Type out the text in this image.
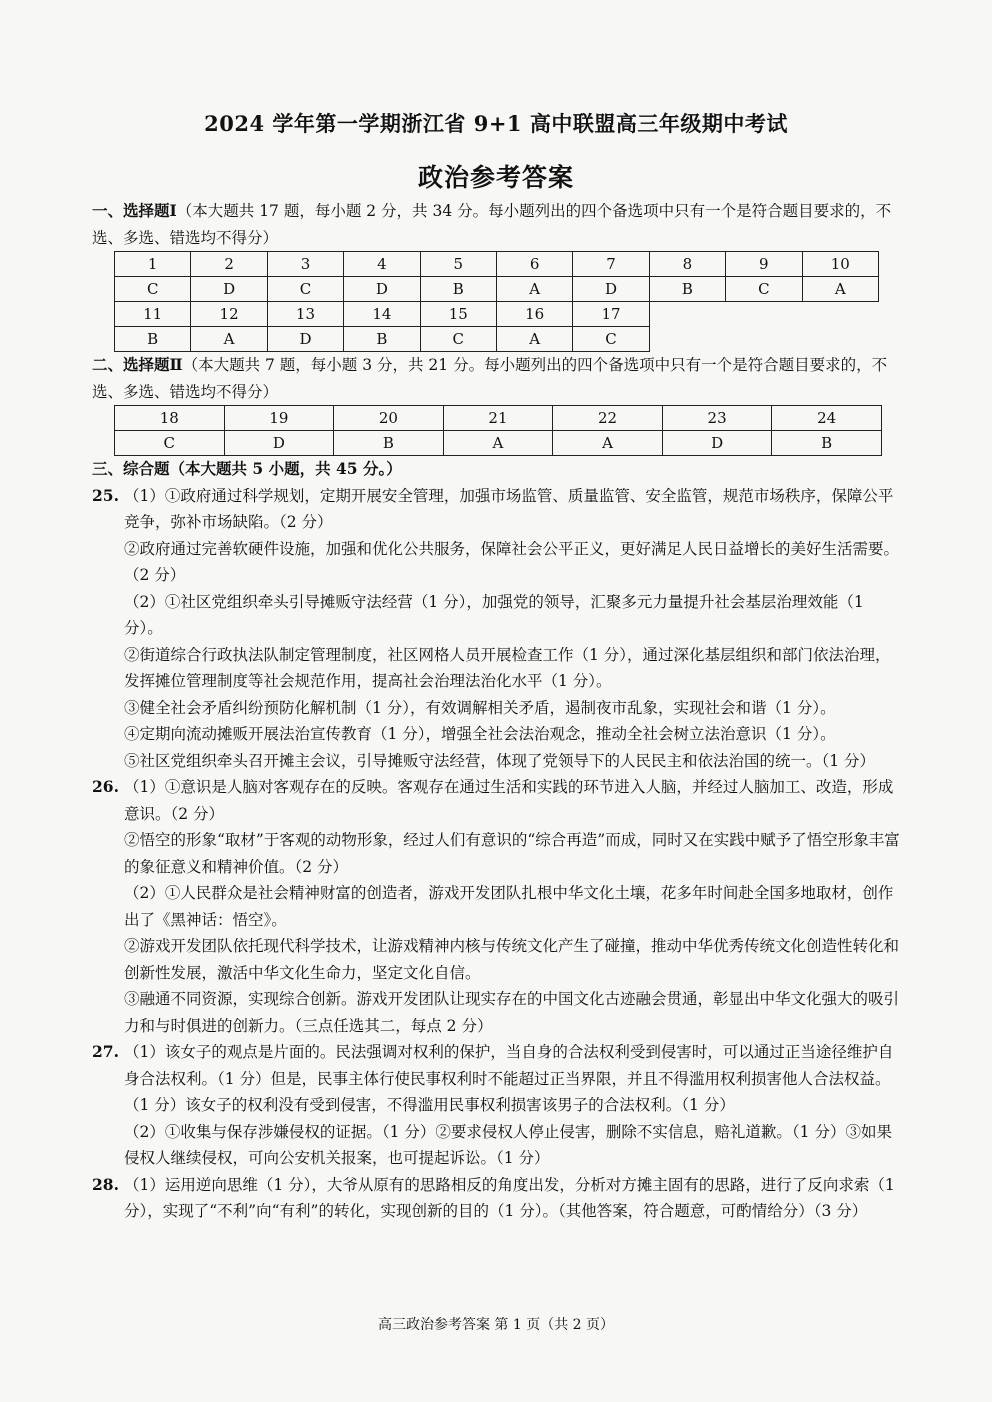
2024 学年第一学期浙江省 9+1 高中联盟高三年级期中考试
政治参考答案

一、选择题Ⅰ（本大题共 17 题，每小题 2 分，共 34 分。每小题列出的四个备选项中只有一个是符合题目要求的，不选、多选、错选均不得分）

1	2	3	4	5	6	7	8	9	10
C	D	C	D	B	A	D	B	C	A
11	12	13	14	15	16	17			
B	A	D	B	C	A	C			

二、选择题Ⅱ（本大题共 7 题，每小题 3 分，共 21 分。每小题列出的四个备选项中只有一个是符合题目要求的，不选、多选、错选均不得分）

18	19	20	21	22	23	24
C	D	B	A	A	D	B

三、综合题（本大题共 5 小题，共 45 分。）

25. （1）①政府通过科学规划，定期开展安全管理，加强市场监管、质量监管、安全监管，规范市场秩序，保障公平竞争，弥补市场缺陷。（2 分）
②政府通过完善软硬件设施，加强和优化公共服务，保障社会公平正义，更好满足人民日益增长的美好生活需要。（2 分）
（2）①社区党组织牵头引导摊贩守法经营（1 分），加强党的领导，汇聚多元力量提升社会基层治理效能（1 分）。
②街道综合行政执法队制定管理制度，社区网格人员开展检查工作（1 分），通过深化基层组织和部门依法治理，发挥摊位管理制度等社会规范作用，提高社会治理法治化水平（1 分）。
③健全社会矛盾纠纷预防化解机制（1 分），有效调解相关矛盾，遏制夜市乱象，实现社会和谐（1 分）。
④定期向流动摊贩开展法治宣传教育（1 分），增强全社会法治观念，推动全社会树立法治意识（1 分）。
⑤社区党组织牵头召开摊主会议，引导摊贩守法经营，体现了党领导下的人民民主和依法治国的统一。（1 分）
26. （1）①意识是人脑对客观存在的反映。客观存在通过生活和实践的环节进入人脑，并经过人脑加工、改造，形成意识。（2 分）
②悟空的形象“取材”于客观的动物形象，经过人们有意识的“综合再造”而成，同时又在实践中赋予了悟空形象丰富的象征意义和精神价值。（2 分）
（2）①人民群众是社会精神财富的创造者，游戏开发团队扎根中华文化土壤，花多年时间赴全国多地取材，创作出了《黑神话：悟空》。
②游戏开发团队依托现代科学技术，让游戏精神内核与传统文化产生了碰撞，推动中华优秀传统文化创造性转化和创新性发展，激活中华文化生命力，坚定文化自信。
③融通不同资源，实现综合创新。游戏开发团队让现实存在的中国文化古迹融会贯通，彰显出中华文化强大的吸引力和与时俱进的创新力。（三点任选其二，每点 2 分）
27. （1）该女子的观点是片面的。民法强调对权利的保护，当自身的合法权利受到侵害时，可以通过正当途径维护自身合法权利。（1 分）但是，民事主体行使民事权利时不能超过正当界限，并且不得滥用权利损害他人合法权益。（1 分）该女子的权利没有受到侵害，不得滥用民事权利损害该男子的合法权利。（1 分）
（2）①收集与保存涉嫌侵权的证据。（1 分）②要求侵权人停止侵害，删除不实信息，赔礼道歉。（1 分）③如果侵权人继续侵权，可向公安机关报案，也可提起诉讼。（1 分）
28. （1）运用逆向思维（1 分），大爷从原有的思路相反的角度出发，分析对方摊主固有的思路，进行了反向求索（1 分），实现了“不利”向“有利”的转化，实现创新的目的（1 分）。（其他答案，符合题意，可酌情给分）（3 分）
高三政治参考答案 第 1 页（共 2 页）
